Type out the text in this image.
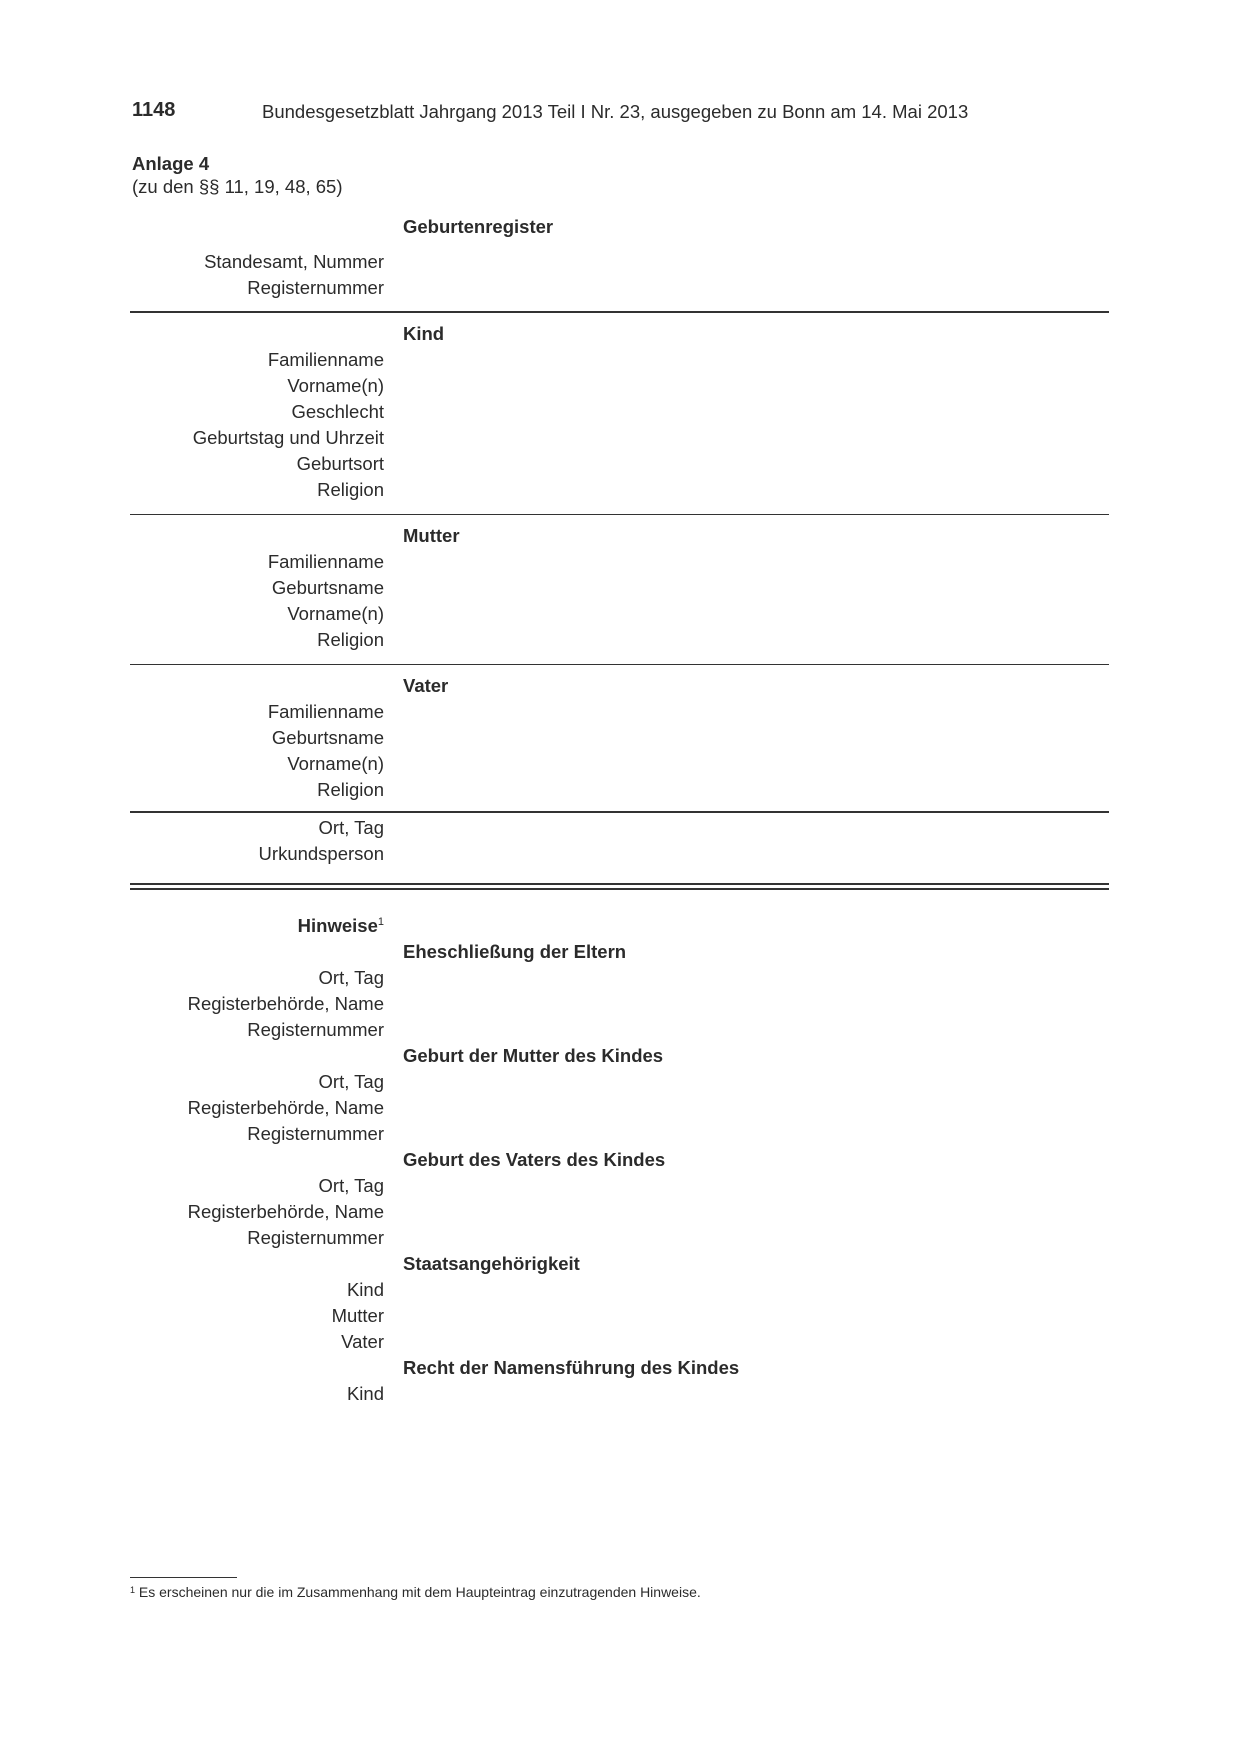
1148	Bundesgesetzblatt Jahrgang 2013 Teil I Nr. 23, ausgegeben zu Bonn am 14. Mai 2013
Anlage 4
(zu den §§ 11, 19, 48, 65)
Geburtenregister
Standesamt, Nummer
Registernummer
Kind
Familienname
Vorname(n)
Geschlecht
Geburtstag und Uhrzeit
Geburtsort
Religion
Mutter
Familienname
Geburtsname
Vorname(n)
Religion
Vater
Familienname
Geburtsname
Vorname(n)
Religion
Ort, Tag
Urkundsperson
Hinweise$^1$
Eheschließung der Eltern
Ort, Tag
Registerbehörde, Name
Registernummer
Geburt der Mutter des Kindes
Ort, Tag
Registerbehörde, Name
Registernummer
Geburt des Vaters des Kindes
Ort, Tag
Registerbehörde, Name
Registernummer
Staatsangehörigkeit
Kind
Mutter
Vater
Recht der Namensführung des Kindes
Kind
$^1$ Es erscheinen nur die im Zusammenhang mit dem Haupteintrag einzutragenden Hinweise.
